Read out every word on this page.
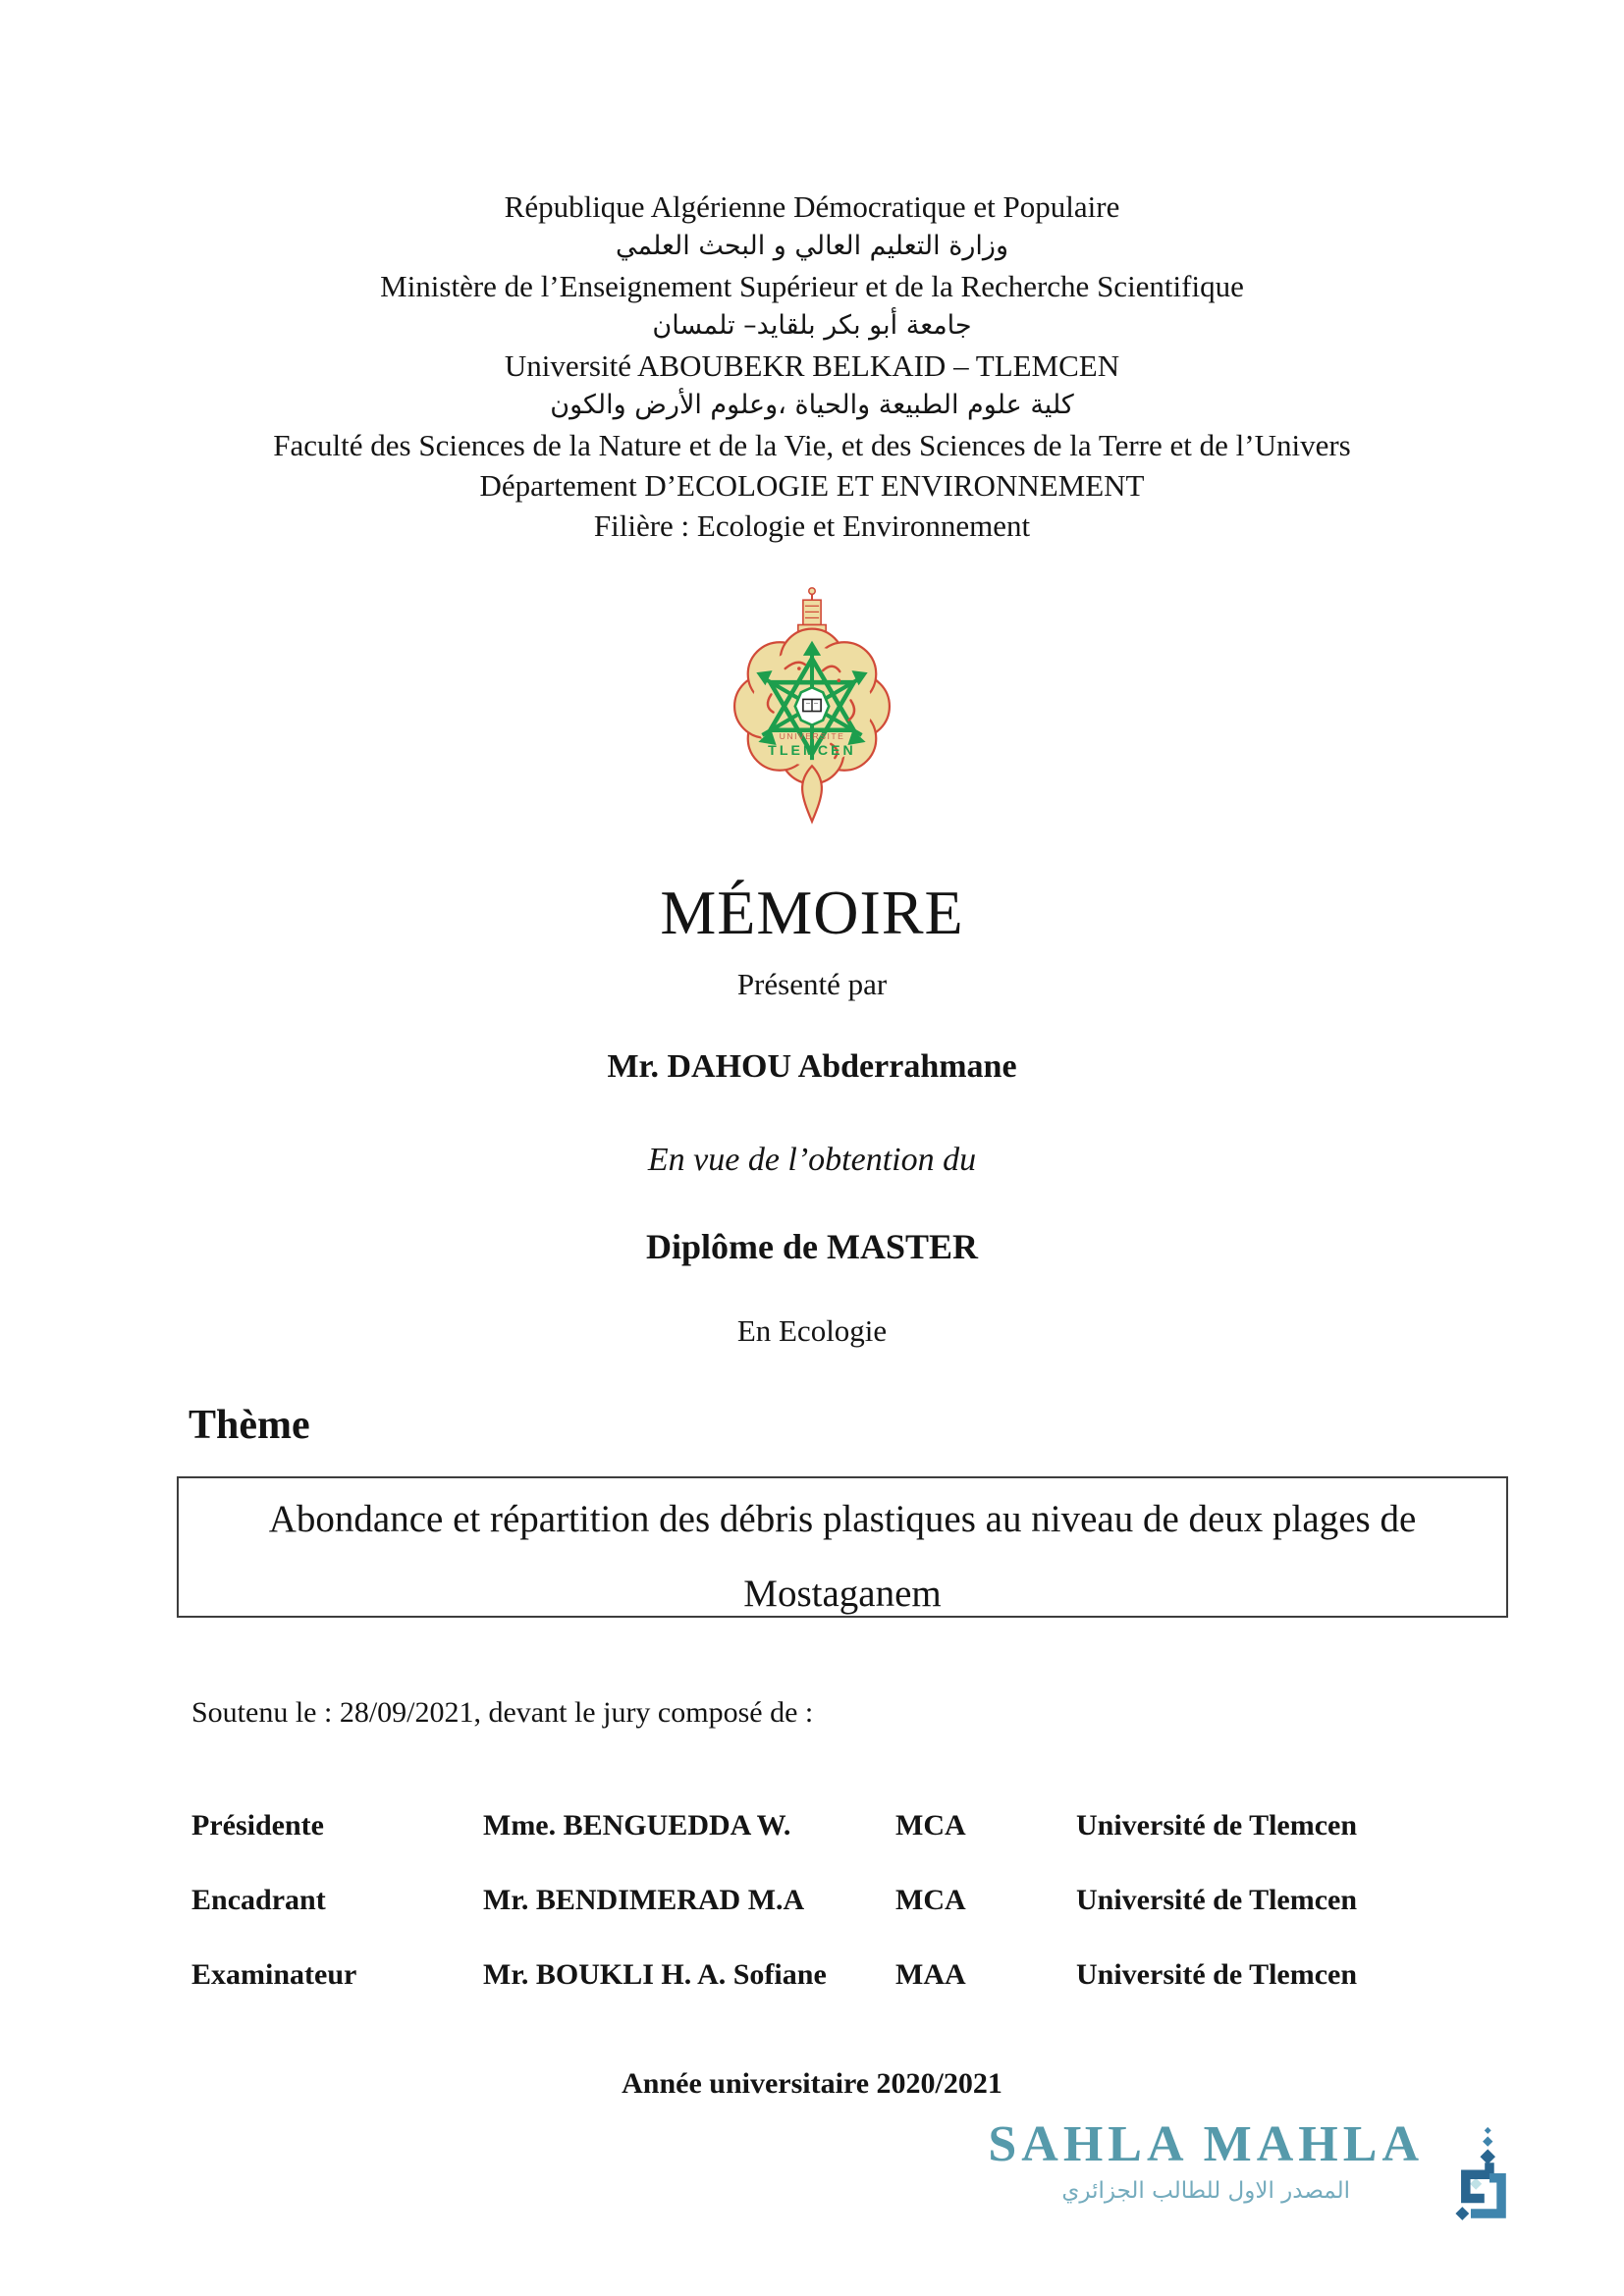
République Algérienne Démocratique et Populaire
وزارة التعليم العالي و البحث العلمي
Ministère de l’Enseignement Supérieur et de la Recherche Scientifique
جامعة أبو بكر بلقايد– تلمسان
Université ABOUBEKR BELKAID – TLEMCEN
كلية علوم الطبيعة والحياة ،وعلوم الأرض والكون
Faculté des Sciences de la Nature et de la Vie, et des Sciences de la Terre et de l’Univers
Département D’ECOLOGIE ET ENVIRONNEMENT
Filière : Ecologie et Environnement
UNIVERSITE
TLEMCEN
MÉMOIRE
Présenté par
Mr. DAHOU Abderrahmane
En vue de l’obtention du
Diplôme de MASTER
En Ecologie
Thème
Abondance et répartition des débris plastiques au niveau de deux plages de Mostaganem
Soutenu le : 28/09/2021, devant le jury composé de :
Présidente	Mme. BENGUEDDA W.	MCA	Université de Tlemcen
Encadrant	Mr. BENDIMERAD M.A	MCA	Université de Tlemcen
Examinateur	Mr. BOUKLI H. A. Sofiane	MAA	Université de Tlemcen
Année universitaire 2020/2021
SAHLA MAHLA
المصدر الاول للطالب الجزائري
